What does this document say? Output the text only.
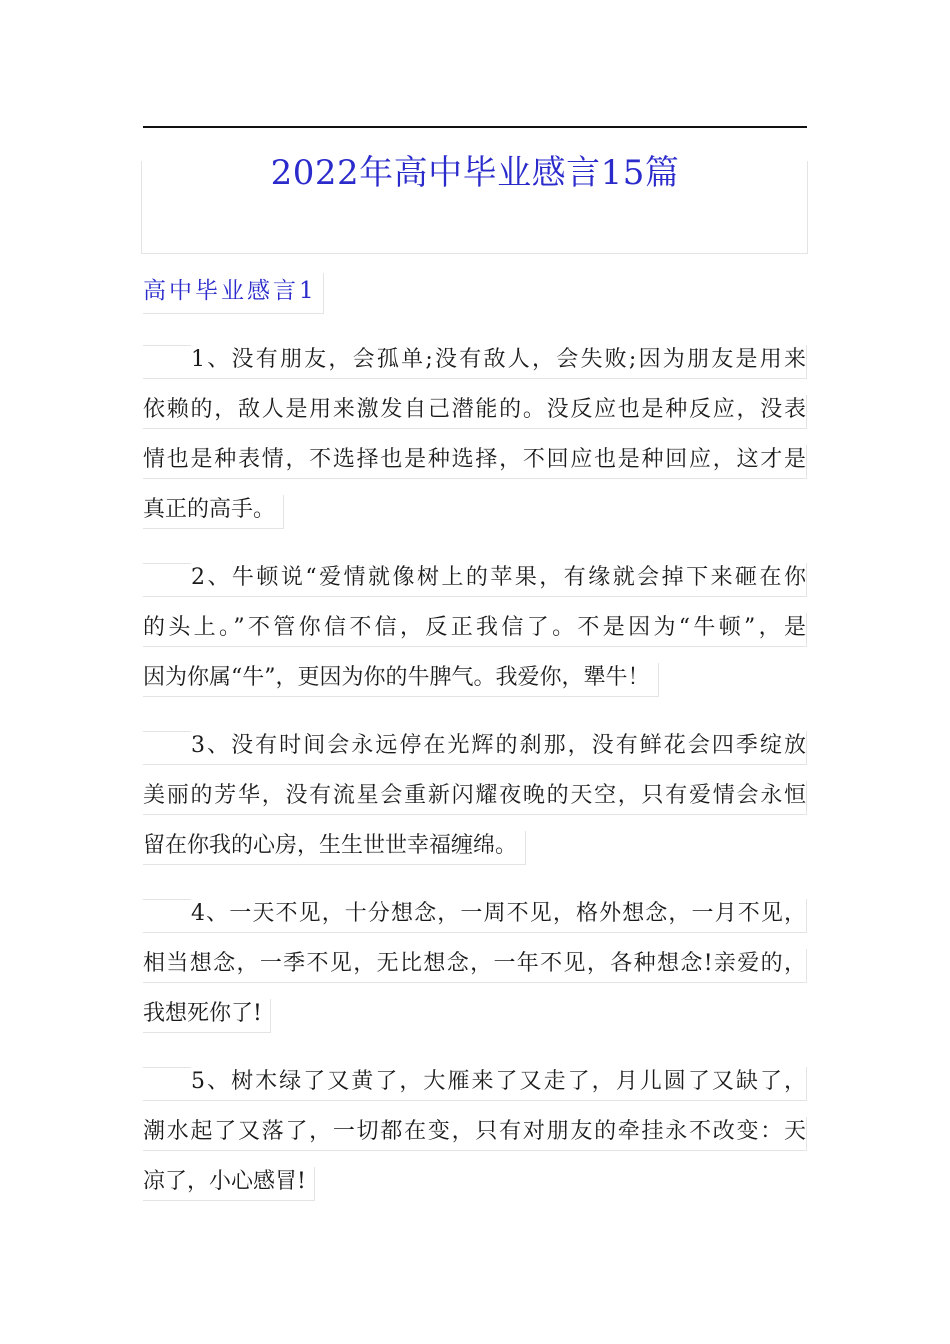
2022年高中毕业感言15篇
高中毕业感言1
1、没有朋友，会孤单;没有敌人，会失败;因为朋友是用来
依赖的，敌人是用来激发自己潜能的。没反应也是种反应，没表
情也是种表情，不选择也是种选择，不回应也是种回应，这才是
真正的高手。
2、牛顿说“爱情就像树上的苹果，有缘就会掉下来砸在你
的头上。”不管你信不信，反正我信了。不是因为“牛顿”，是
因为你属“牛”，更因为你的牛脾气。我爱你，犟牛！
3、没有时间会永远停在光辉的刹那，没有鲜花会四季绽放
美丽的芳华，没有流星会重新闪耀夜晚的天空，只有爱情会永恒
留在你我的心房，生生世世幸福缠绵。
4、一天不见，十分想念，一周不见，格外想念，一月不见，
相当想念，一季不见，无比想念，一年不见，各种想念!亲爱的，
我想死你了!
5、树木绿了又黄了，大雁来了又走了，月儿圆了又缺了，
潮水起了又落了，一切都在变，只有对朋友的牵挂永不改变：天
凉了，小心感冒!
